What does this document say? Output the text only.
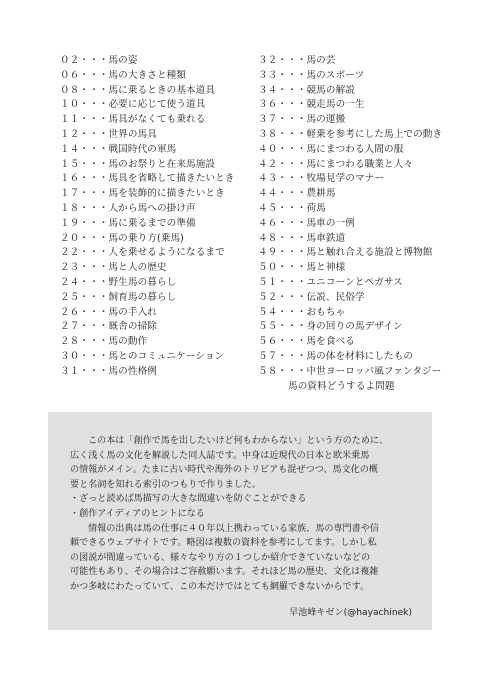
０２・・・馬の姿
０６・・・馬の大きさと種類
０８・・・馬に乗るときの基本道具
１０・・・必要に応じて使う道具
１１・・・馬具がなくても乗れる
１２・・・世界の馬具
１４・・・戦国時代の軍馬
１５・・・馬のお祭りと在来馬施設
１６・・・馬具を省略して描きたいとき
１７・・・馬を装飾的に描きたいとき
１８・・・人から馬への掛け声
１９・・・馬に乗るまでの準備
２０・・・馬の乗り方(乗馬)
２２・・・人を乗せるようになるまで
２３・・・馬と人の歴史
２４・・・野生馬の暮らし
２５・・・飼育馬の暮らし
２６・・・馬の手入れ
２７・・・厩舎の掃除
２８・・・馬の動作
３０・・・馬とのコミュニケーション
３１・・・馬の性格例
３２・・・馬の芸
３３・・・馬のスポーツ
３４・・・競馬の解説
３６・・・競走馬の一生
３７・・・馬の運搬
３８・・・軽乗を参考にした馬上での動き
４０・・・馬にまつわる人間の服
４２・・・馬にまつわる職業と人々
４３・・・牧場見学のマナー
４４・・・農耕馬
４５・・・荷馬
４６・・・馬車の一例
４８・・・馬車鉄道
４９・・・馬と触れ合える施設と博物館
５０・・・馬と神様
５１・・・ユニコーンとペガサス
５２・・・伝説、民俗学
５４・・・おもちゃ
５５・・・身の回りの馬デザイン
５６・・・馬を食べる
５７・・・馬の体を材料にしたもの
５８・・・中世ヨーロッパ風ファンタジー
馬の資料どうするよ問題

この本は「創作で馬を出したいけど何もわからない」という方のために、

広く浅く馬の文化を解説した同人誌です。中身は近現代の日本と欧米乗馬

の情報がメイン。たまに古い時代や海外のトリビアも混ぜつつ、馬文化の概

要と名詞を知れる索引のつもりで作りました。

・ざっと読めば馬描写の大きな間違いを防ぐことができる

・創作アイディアのヒントになる

情報の出典は馬の仕事に４０年以上携わっている家族、馬の専門書や信

頼できるウェブサイトです。略図は複数の資料を参考にしてます。しかし私

の図説が間違っている、様々なやり方の１つしか紹介できていないなどの

可能性もあり、その場合はご容赦願います。それほど馬の歴史、文化は複雑

かつ多岐にわたっていて、この本だけではとても網羅できないからです。

早池峰キゼン(@hayachinek)
